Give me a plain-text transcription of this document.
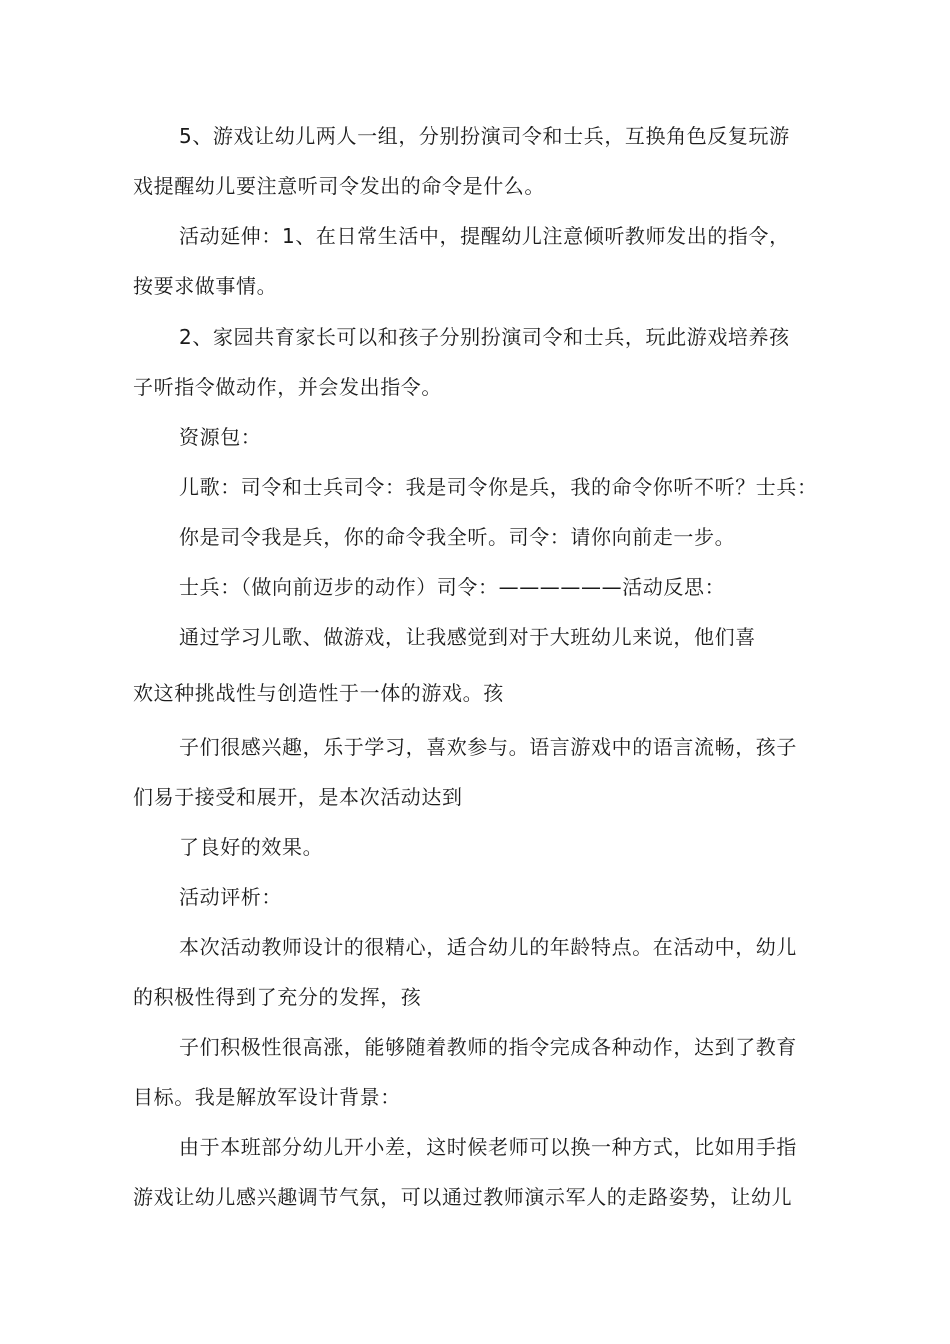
5、游戏让幼儿两人一组，分别扮演司令和士兵，互换角色反复玩游
戏提醒幼儿要注意听司令发出的命令是什么。
活动延伸：1、在日常生活中，提醒幼儿注意倾听教师发出的指令，
按要求做事情。
2、家园共育家长可以和孩子分别扮演司令和士兵，玩此游戏培养孩
子听指令做动作，并会发出指令。
资源包：
儿歌：司令和士兵司令：我是司令你是兵，我的命令你听不听？士兵：
你是司令我是兵，你的命令我全听。司令：请你向前走一步。
士兵：（做向前迈步的动作）司令：——————活动反思：
通过学习儿歌、做游戏，让我感觉到对于大班幼儿来说，他们喜
欢这种挑战性与创造性于一体的游戏。孩
子们很感兴趣，乐于学习，喜欢参与。语言游戏中的语言流畅，孩子
们易于接受和展开，是本次活动达到
了良好的效果。
活动评析：
本次活动教师设计的很精心，适合幼儿的年龄特点。在活动中，幼儿
的积极性得到了充分的发挥，孩
子们积极性很高涨，能够随着教师的指令完成各种动作，达到了教育
目标。我是解放军设计背景：
由于本班部分幼儿开小差，这时候老师可以换一种方式，比如用手指
游戏让幼儿感兴趣调节气氛，可以通过教师演示军人的走路姿势，让幼儿
